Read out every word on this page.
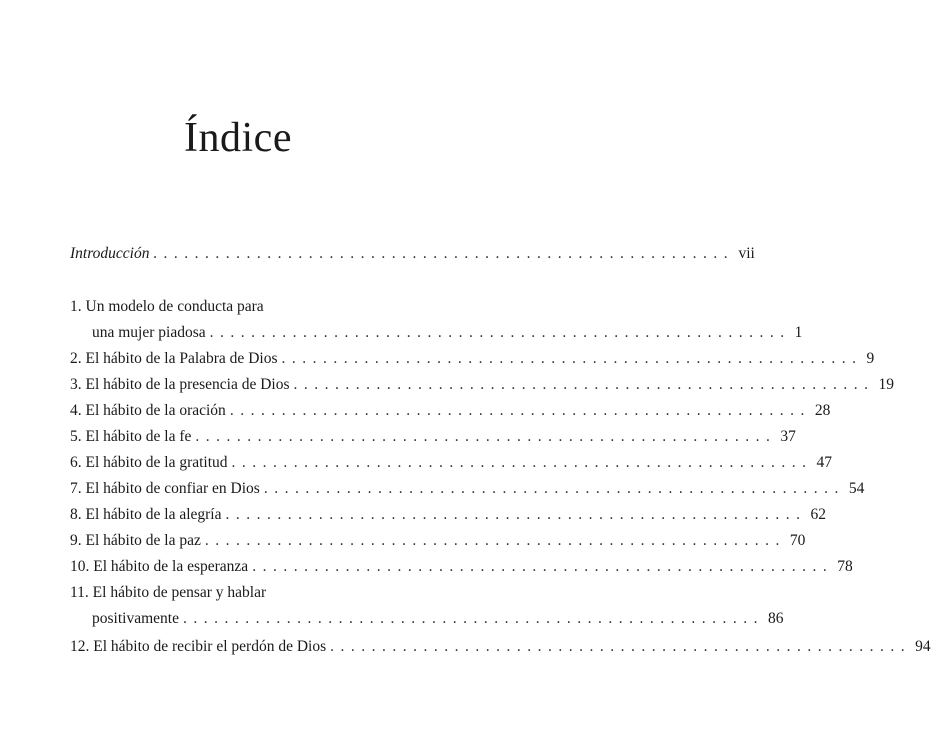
Índice
Introducción ........................................................ vii
1. Un modelo de conducta para
una mujer piadosa ........................................................ 1
2. El hábito de la Palabra de Dios ........................................................ 9
3. El hábito de la presencia de Dios ........................................................ 19
4. El hábito de la oración ........................................................ 28
5. El hábito de la fe ........................................................ 37
6. El hábito de la gratitud ........................................................ 47
7. El hábito de confiar en Dios ........................................................ 54
8. El hábito de la alegría ........................................................ 62
9. El hábito de la paz ........................................................ 70
10. El hábito de la esperanza ........................................................ 78
11. El hábito de pensar y hablar
positivamente ........................................................ 86
12. El hábito de recibir el perdón de Dios ........................................................ 94
